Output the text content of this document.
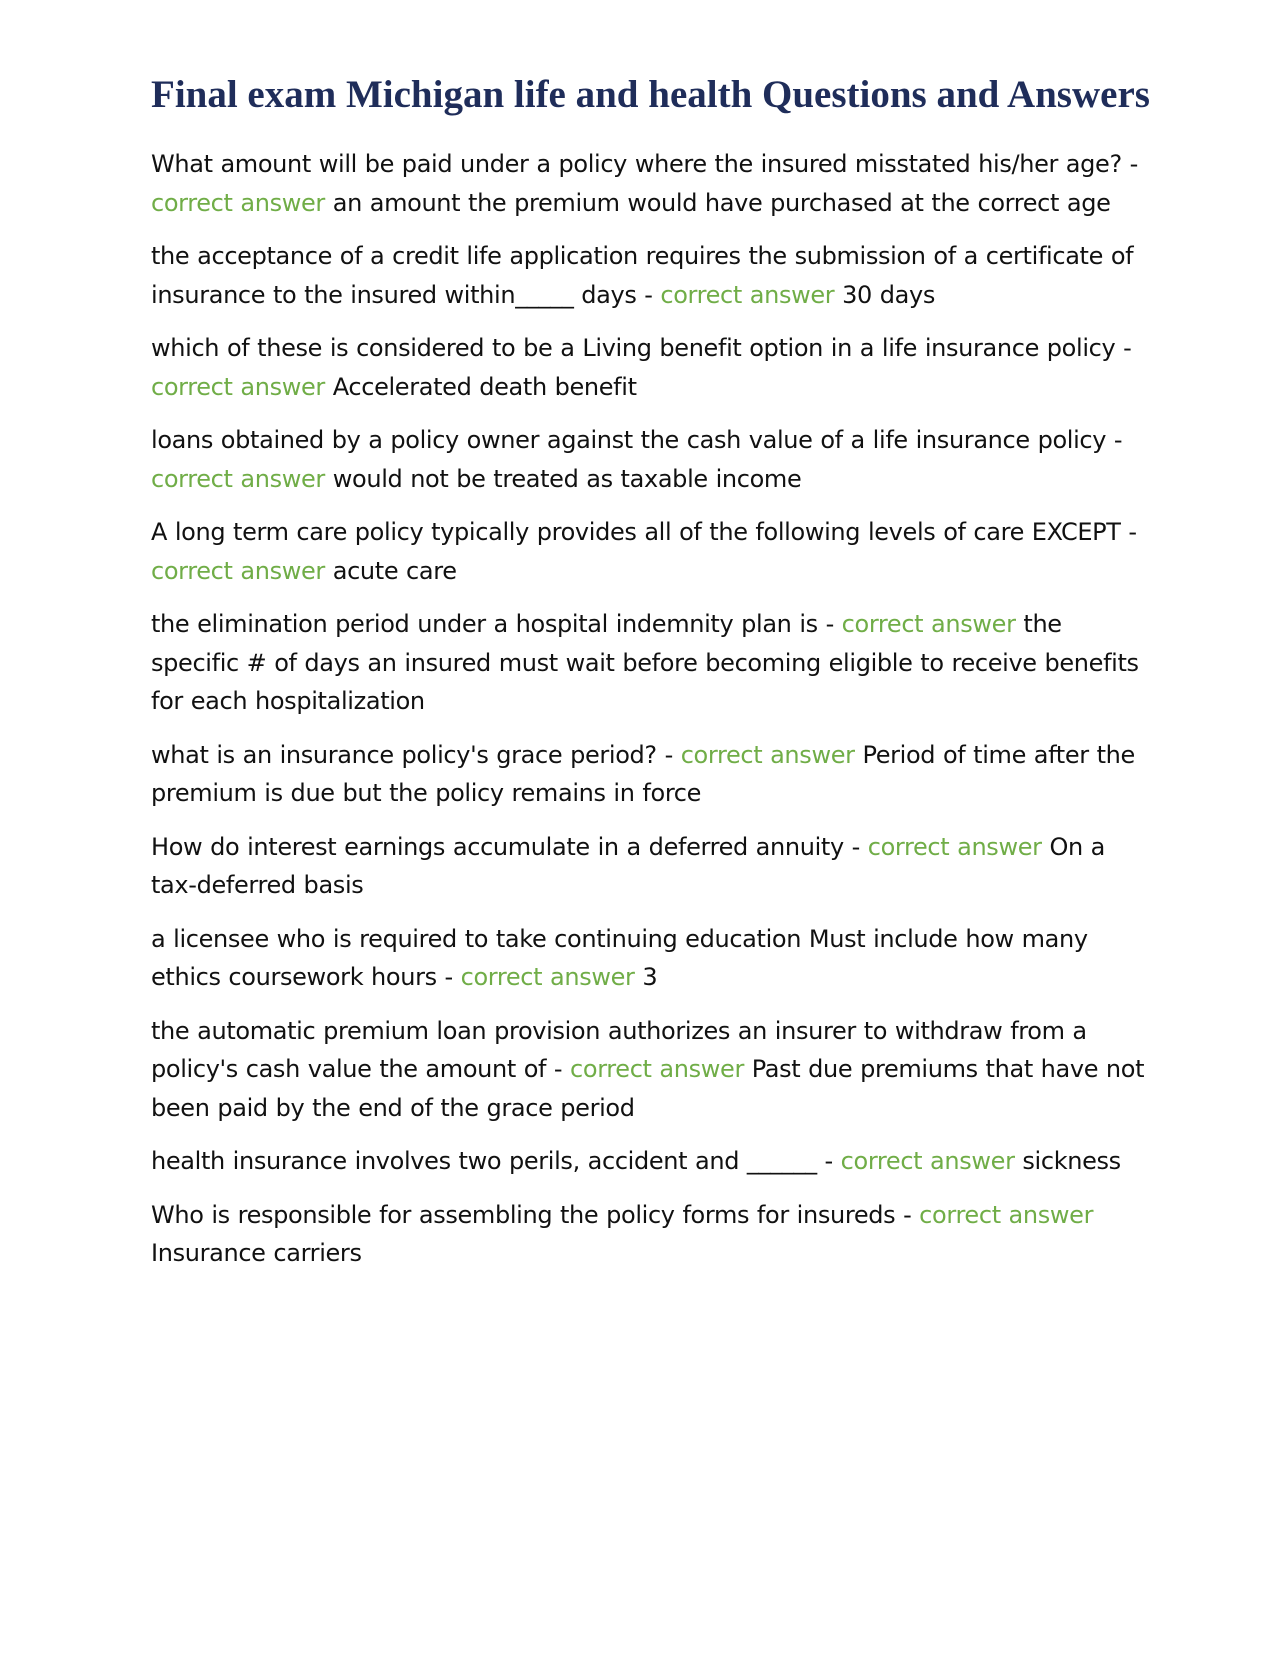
Final exam Michigan life and health Questions and Answers

What amount will be paid under a policy where the insured misstated his/her age? - correct answer an amount the premium would have purchased at the correct age

the acceptance of a credit life application requires the submission of a certificate of insurance to the insured within_____ days - correct answer 30 days

which of these is considered to be a Living benefit option in a life insurance policy - correct answer Accelerated death benefit

loans obtained by a policy owner against the cash value of a life insurance policy - correct answer would not be treated as taxable income

A long term care policy typically provides all of the following levels of care EXCEPT - correct answer acute care

the elimination period under a hospital indemnity plan is - correct answer the specific # of days an insured must wait before becoming eligible to receive benefits for each hospitalization

what is an insurance policy's grace period? - correct answer Period of time after the premium is due but the policy remains in force

How do interest earnings accumulate in a deferred annuity - correct answer On a tax-deferred basis

a licensee who is required to take continuing education Must include how many ethics coursework hours - correct answer 3

the automatic premium loan provision authorizes an insurer to withdraw from a policy's cash value the amount of - correct answer Past due premiums that have not been paid by the end of the grace period

health insurance involves two perils, accident and ______ - correct answer sickness

Who is responsible for assembling the policy forms for insureds - correct answer Insurance carriers
